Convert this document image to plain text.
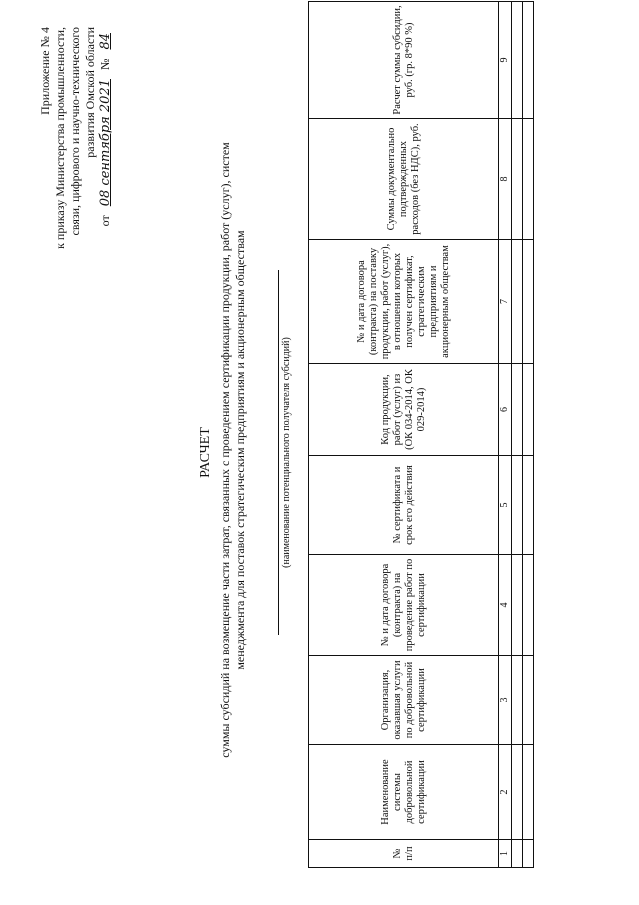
Приложение № 4 к приказу Министерства промышленности, связи, цифрового и научно-технического развития Омской области
от 08 сентября 2021 № 84
РАСЧЕТ суммы субсидий на возмещение части затрат, связанных с проведением сертификации продукции, работ (услуг), систем менеджмента для поставок стратегическим предприятиям и акционерным обществам	(наименование потенциального получателя субсидий)
№ п/п	Наименование системы добровольной сертификации	Организация, оказавшая услуги по добровольной сертификации	№ и дата договора (контракта) на проведение работ по сертификации	№ сертификата и срок его действия	Код продукции, работ (услуг) из (ОК 034-2014, ОК 029-2014)	№ и дата договора (контракта) на поставку продукции, работ (услуг), в отношении которых получен сертификат, стратегическим предприятиям и акционерным обществам	Суммы документально подтвержденных расходов (без НДС), руб.	Расчет суммы субсидии, руб. (гр. 8*90 %)
1	2	3	4	5	6	7	8	9
